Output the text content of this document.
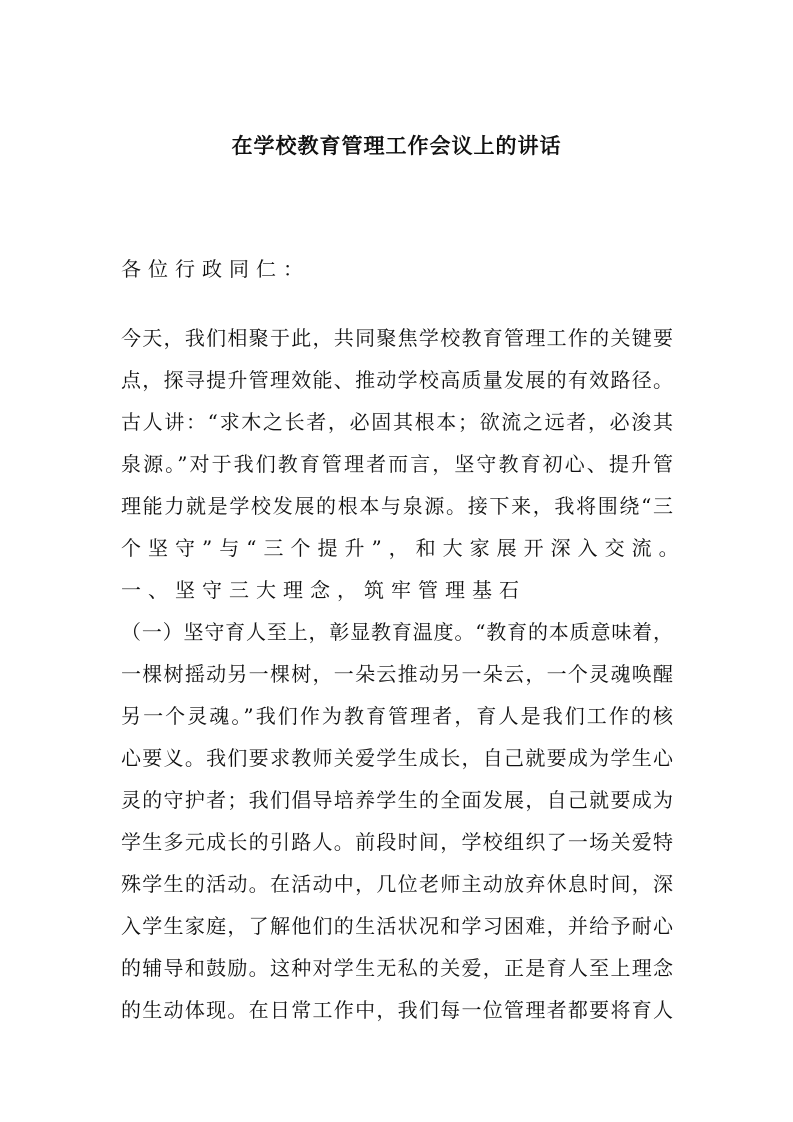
在学校教育管理工作会议上的讲话
各位行政同仁：
今天，我们相聚于此，共同聚焦学校教育管理工作的关键要
点，探寻提升管理效能、推动学校高质量发展的有效路径。
古人讲：“求木之长者，必固其根本；欲流之远者，必浚其
泉源。”对于我们教育管理者而言，坚守教育初心、提升管
理能力就是学校发展的根本与泉源。接下来，我将围绕“三
个坚守”与“三个提升”，和大家展开深入交流。
一、坚守三大理念，筑牢管理基石
（一）坚守育人至上，彰显教育温度。“教育的本质意味着，
一棵树摇动另一棵树，一朵云推动另一朵云，一个灵魂唤醒
另一个灵魂。”我们作为教育管理者，育人是我们工作的核
心要义。我们要求教师关爱学生成长，自己就要成为学生心
灵的守护者；我们倡导培养学生的全面发展，自己就要成为
学生多元成长的引路人。前段时间，学校组织了一场关爱特
殊学生的活动。在活动中，几位老师主动放弃休息时间，深
入学生家庭，了解他们的生活状况和学习困难，并给予耐心
的辅导和鼓励。这种对学生无私的关爱，正是育人至上理念
的生动体现。在日常工作中，我们每一位管理者都要将育人
